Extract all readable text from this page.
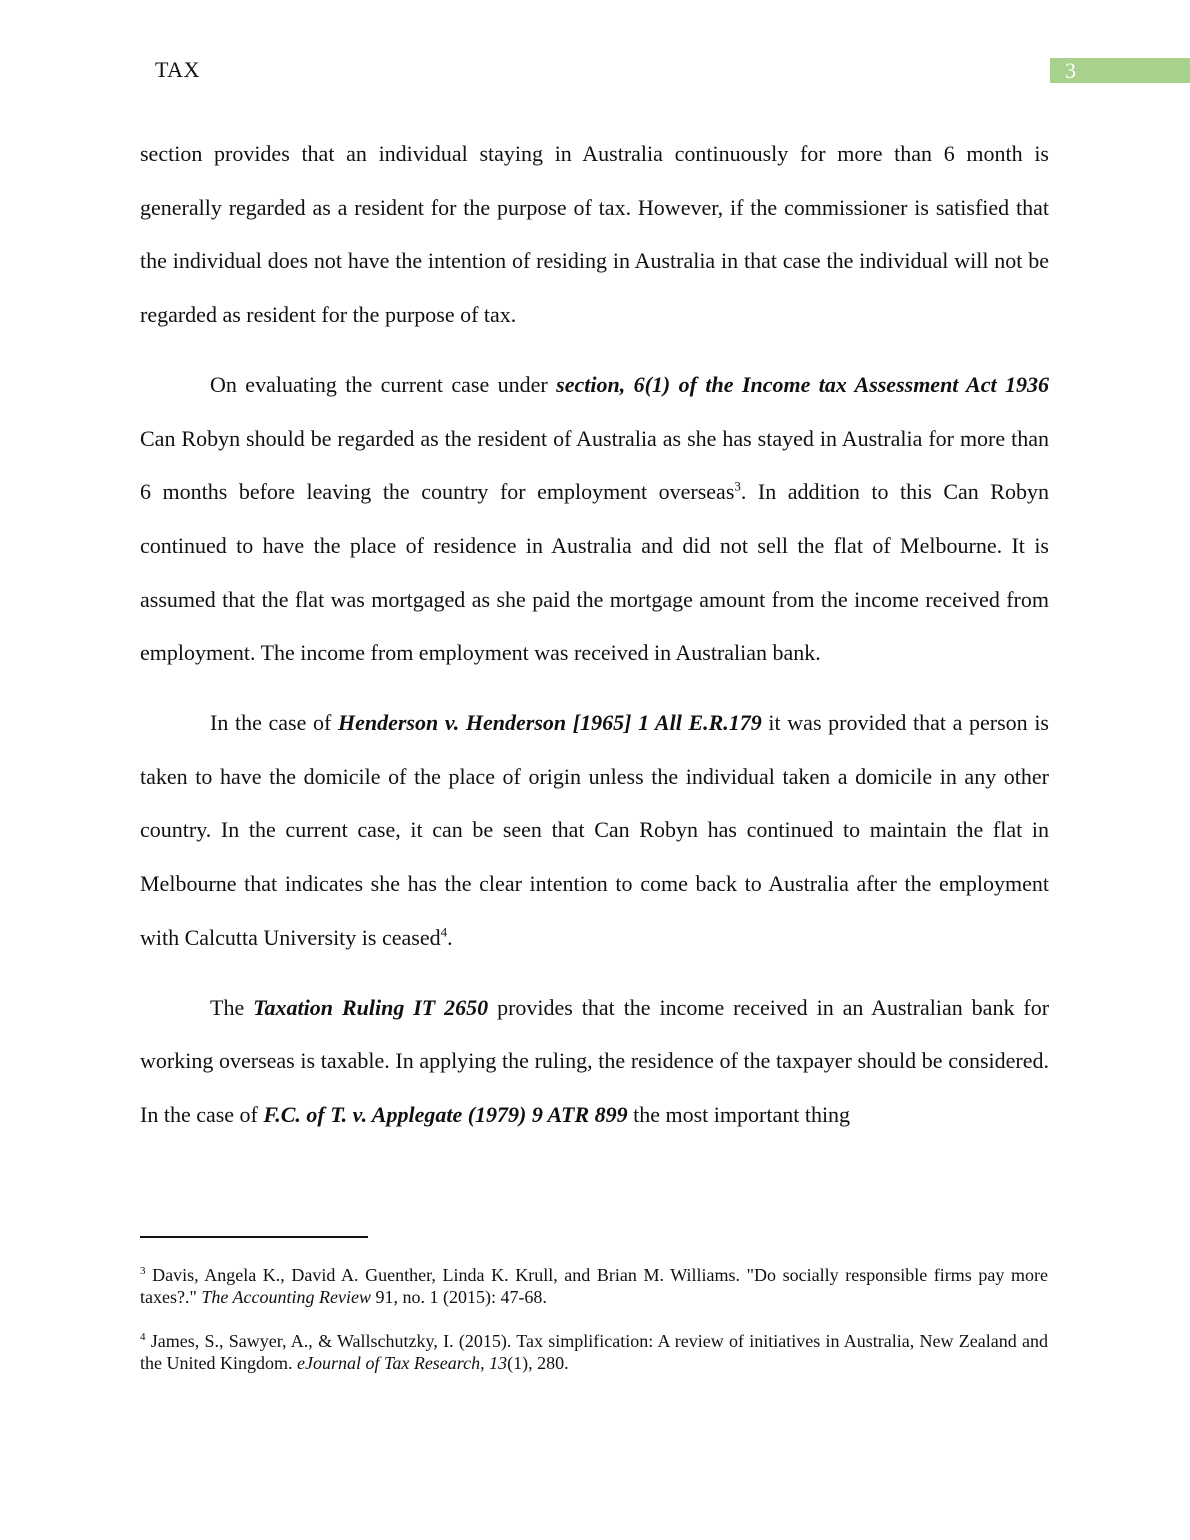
TAX	3

section provides that an individual staying in Australia continuously for more than 6 month is generally regarded as a resident for the purpose of tax. However, if the commissioner is satisfied that the individual does not have the intention of residing in Australia in that case the individual will not be regarded as resident for the purpose of tax.

On evaluating the current case under section, 6(1) of the Income tax Assessment Act 1936 Can Robyn should be regarded as the resident of Australia as she has stayed in Australia for more than 6 months before leaving the country for employment overseas$^3$. In addition to this Can Robyn continued to have the place of residence in Australia and did not sell the flat of Melbourne. It is assumed that the flat was mortgaged as she paid the mortgage amount from the income received from employment. The income from employment was received in Australian bank.

In the case of Henderson v. Henderson [1965] 1 All E.R.179 it was provided that a person is taken to have the domicile of the place of origin unless the individual taken a domicile in any other country. In the current case, it can be seen that Can Robyn has continued to maintain the flat in Melbourne that indicates she has the clear intention to come back to Australia after the employment with Calcutta University is ceased$^4$.

The Taxation Ruling IT 2650 provides that the income received in an Australian bank for working overseas is taxable. In applying the ruling, the residence of the taxpayer should be considered. In the case of F.C. of T. v. Applegate (1979) 9 ATR 899 the most important thing

$^3$ Davis, Angela K., David A. Guenther, Linda K. Krull, and Brian M. Williams. "Do socially responsible firms pay more taxes?." The Accounting Review 91, no. 1 (2015): 47-68.

$^4$ James, S., Sawyer, A., & Wallschutzky, I. (2015). Tax simplification: A review of initiatives in Australia, New Zealand and the United Kingdom. eJournal of Tax Research, 13(1), 280.
